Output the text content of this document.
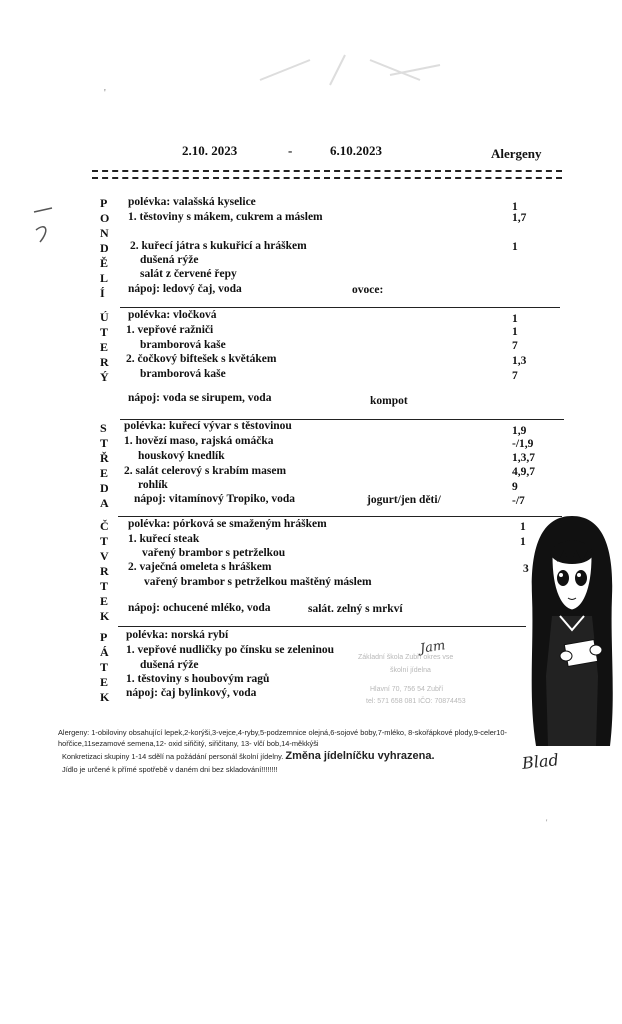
'
2.10. 2023	-	6.10.2023	Alergeny
P
O
N
D
Ě
L
Í
polévka: valašská kyselice	1
1. těstoviny s mákem, cukrem a máslem	1,7
2. kuřecí játra s kukuřicí a hráškem	1
dušená rýže
salát z červené řepy
nápoj: ledový čaj, voda	ovoce:
Ú
T
E
R
Ý
polévka: vločková	1
1. vepřové ražniči	1
bramborová kaše	7
2. čočkový biftešek s květákem	1,3
bramborová kaše	7
nápoj: voda se sirupem, voda	kompot
S
T
Ř
E
D
A
polévka: kuřecí vývar s těstovinou	1,9
1. hovězí maso, rajská omáčka	-/1,9
houskový knedlík	1,3,7
2. salát celerový s krabím masem	4,9,7
rohlík	9
nápoj: vitamínový Tropiko, voda	jogurt/jen děti/	-/7
Č
T
V
R
T
E
K
polévka: pórková se smaženým hráškem	1
1. kuřecí steak	1
vařený brambor s petrželkou
2. vaječná omeleta s hráškem	3
vařený brambor s petrželkou maštěný máslem
nápoj: ochucené mléko, voda	salát. zelný s mrkví
P
Á
T
E
K
polévka: norská rybí
1. vepřové nudličky po čínsku se zeleninou
dušená rýže
1. těstoviny s houbovým ragů
nápoj: čaj bylinkový, voda
Základní škola Zubří okres vse
školní jídelna
Hlavní 70, 756 54 Zubří
tel: 571 658 081 IČO: 70874453
Jam
Alergeny: 1-obiloviny obsahující lepek,2-korýši,3-vejce,4-ryby,5-podzemnice olejná,6-sojové boby,7-mléko, 8-skořápkové plody,9-celer10-hořčice,11sezamové semena,12- oxid siřičitý, siřičitany, 13- vlčí bob,14-měkkýši
Konkretizaci skupiny 1-14 sdělí na požádání personál školní jídelny. Změna jídelníčku vyhrazena.
Jídlo je určené k přímé spotřebě v daném dni bez skladování!!!!!!!!	Blad
'
